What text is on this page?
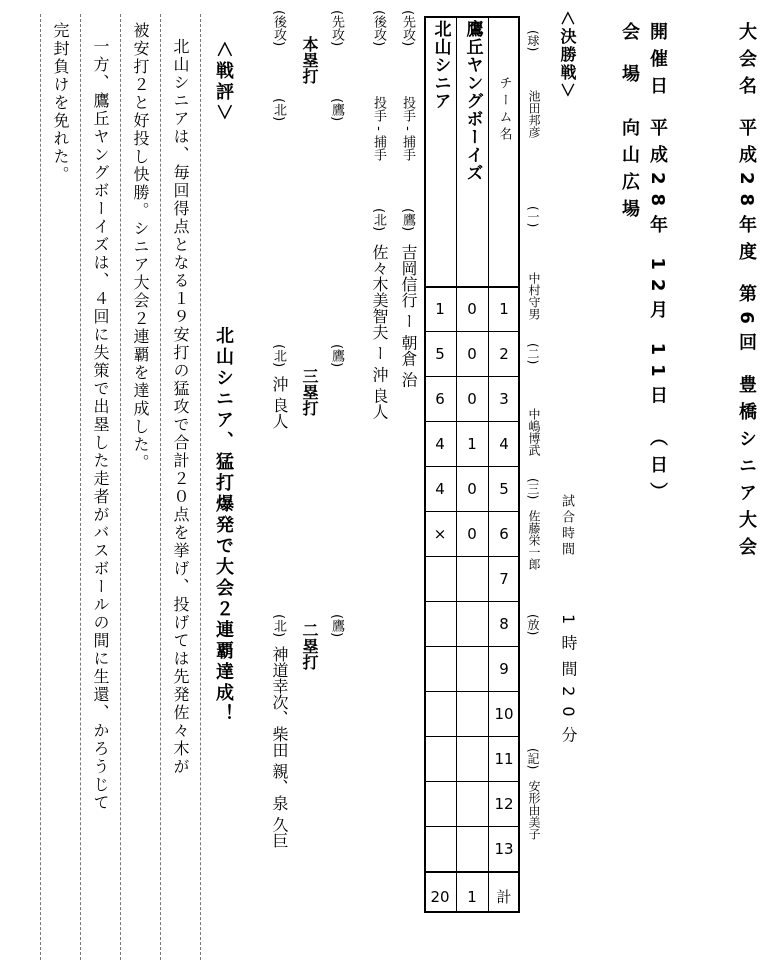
大会名
平成28年度 第6回 豊橋シニア大会
開催日
平成28年 12月 11日 （日）
会 場
向山広場
＜決勝戦＞
(球)
池田邦彦
(一)
中村守男
(二)
中嶋博武
(三)
佐藤栄一郎
(放)
(記)
安形由美子
試合時間
1時間20分
北山シニア 鷹丘ヤングボーイズ チーム名
1
0
1
2
0
5
3
0
6
4
1
4
5
0
4
6
0
×
7
8
9
10
11
12
13
計
1
20
(先攻)
投手 - 捕手
(鷹)
吉岡信行 ー 朝倉 治
(後攻)
投手 - 捕手
(北)
佐々木美智夫 ー 沖 良人
(先攻)
(鷹)
(鷹)
(鷹)
本塁打
三塁打
二塁打
(後攻)
(北)
(北)
沖 良人
(北)
神道幸次、柴田 親、泉 久巨
＜戦評＞
北山シニア、猛打爆発で大会２連覇達成！
北山シニアは、毎回得点となる１９安打の猛攻で合計２０点を挙げ、投げては先発佐々木が
被安打２と好投し快勝。シニア大会２連覇を達成した。
一方、鷹丘ヤングボーイズは、４回に失策で出塁した走者がバスボールの間に生還、かろうじて
完封負けを免れた。
